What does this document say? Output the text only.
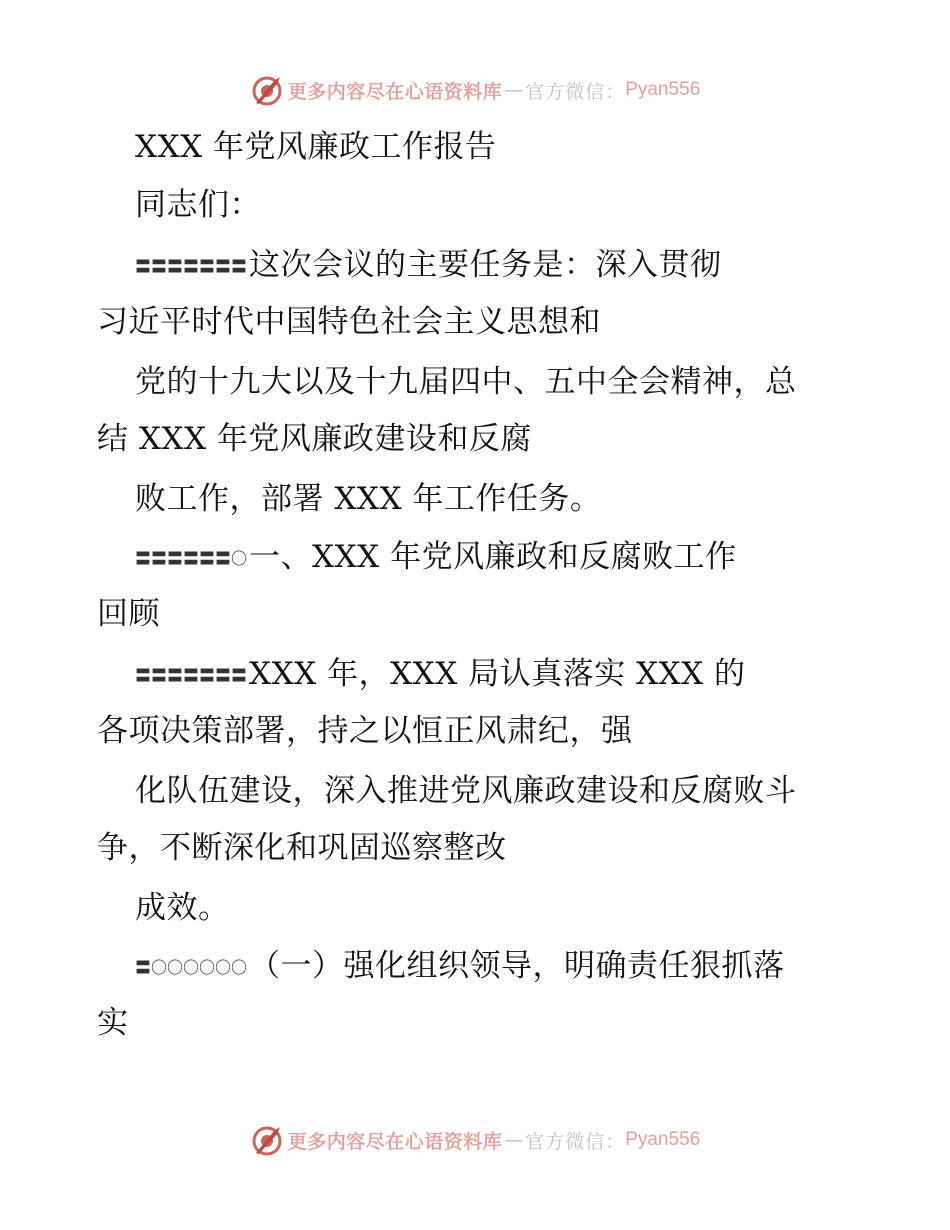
更多内容尽在心语资料库 — 官方微信： Pyan556
XXX 年党风廉政工作报告
同志们：
〓〓〓〓〓〓〓这次会议的主要任务是：深入贯彻
习近平时代中国特色社会主义思想和
党的十九大以及十九届四中、五中全会精神，总
结 XXX 年党风廉政建设和反腐
败工作，部署 XXX 年工作任务。
〓〓〓〓〓〓〇一、XXX 年党风廉政和反腐败工作
回顾
〓〓〓〓〓〓〓XXX 年，XXX 局认真落实 XXX 的
各项决策部署，持之以恒正风肃纪，强
化队伍建设，深入推进党风廉政建设和反腐败斗
争，不断深化和巩固巡察整改
成效。
〓〇〇〇〇〇〇（一）强化组织领导，明确责任狠抓落
实
更多内容尽在心语资料库 — 官方微信： Pyan556
